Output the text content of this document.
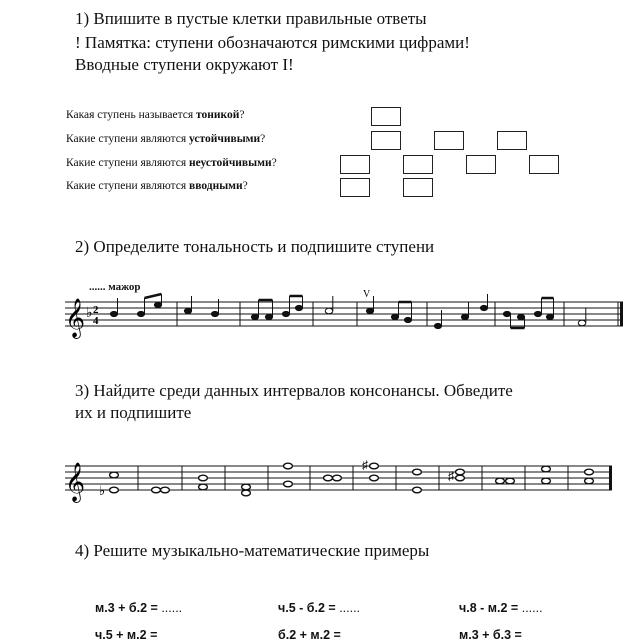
1) Впишите в пустые клетки правильные ответы
! Памятка: ступени обозначаются римскими цифрами!
Вводные ступени окружают I!
Какая ступень называется тоникой?
Какие ступени являются устойчивыми?
Какие ступени являются неустойчивыми?
Какие ступени являются вводными?
2) Определите тональность и подпишите ступени
...... мажор
𝄞 ♭ 2
4
V
3) Найдите среди данных интервалов консонансы. Обведите
их и подпишите
𝄞 ♭
♯
♯
4) Решите музыкально-математические примеры
м.3 + б.2 = ......	ч.5 - б.2 = ......	ч.8 - м.2 = ......
ч.5 + м.2 =	б.2 + м.2 =	м.3 + б.3 =
